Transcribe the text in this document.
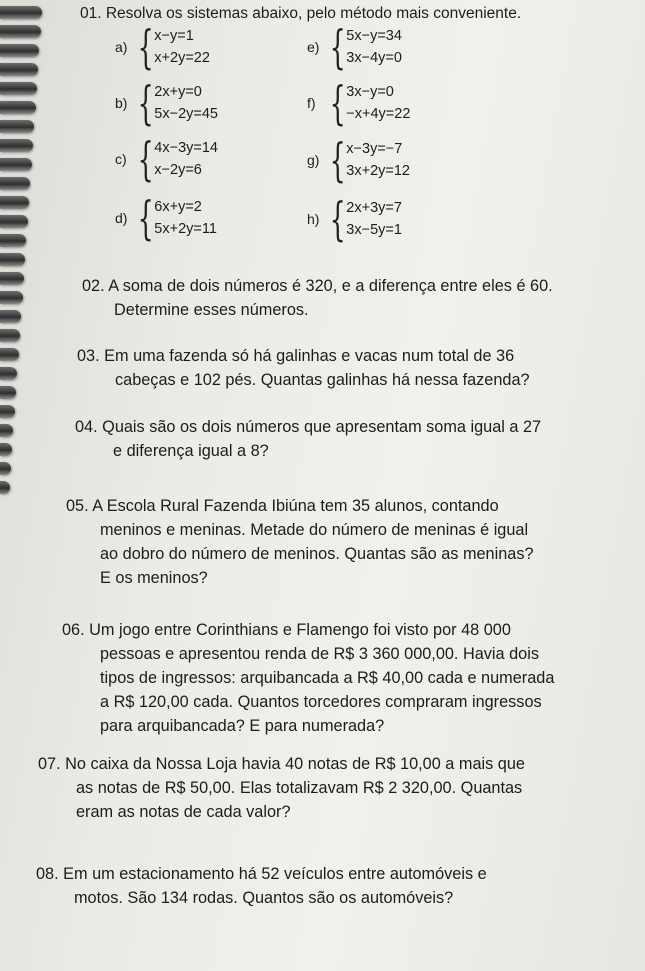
01. Resolva os sistemas abaixo, pelo método mais conveniente.
a) { x−y=1
x+2y=22
b) { 2x+y=0
5x−2y=45
c) { 4x−3y=14
x−2y=6
d) { 6x+y=2
5x+2y=11
e) { 5x−y=34
3x−4y=0
f) { 3x−y=0
−x+4y=22
g) { x−3y=−7
3x+2y=12
h) { 2x+3y=7
3x−5y=1
02. A soma de dois números é 320, e a diferença entre eles é 60.
Determine esses números.
03. Em uma fazenda só há galinhas e vacas num total de 36
cabeças e 102 pés. Quantas galinhas há nessa fazenda?
04. Quais são os dois números que apresentam soma igual a 27
e diferença igual a 8?
05. A Escola Rural Fazenda Ibiúna tem 35 alunos, contando
meninos e meninas. Metade do número de meninas é igual
ao dobro do número de meninos. Quantas são as meninas?
E os meninos?
06. Um jogo entre Corinthians e Flamengo foi visto por 48 000
pessoas e apresentou renda de R$ 3 360 000,00. Havia dois
tipos de ingressos: arquibancada a R$ 40,00 cada e numerada
a R$ 120,00 cada. Quantos torcedores compraram ingressos
para arquibancada? E para numerada?
07. No caixa da Nossa Loja havia 40 notas de R$ 10,00 a mais que
as notas de R$ 50,00. Elas totalizavam R$ 2 320,00. Quantas
eram as notas de cada valor?
08. Em um estacionamento há 52 veículos entre automóveis e
motos. São 134 rodas. Quantos são os automóveis?
